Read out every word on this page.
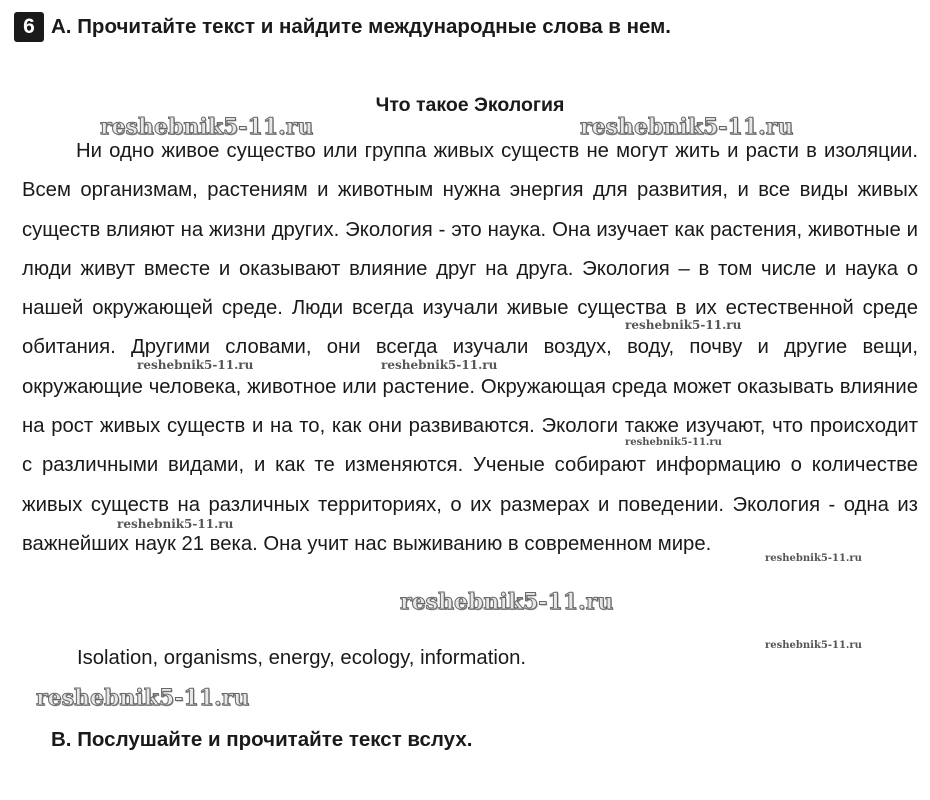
6 A. Прочитайте текст и найдите международные слова в нем.
Что такое Экология

Ни одно живое существо или группа живых существ не могут жить и расти в изоляции. Всем организмам, растениям и животным нужна энергия для развития, и все виды живых существ влияют на жизни других. Экология - это наука. Она изучает как растения, животные и люди живут вместе и оказывают влияние друг на друга. Экология – в том числе и наука о нашей окружающей среде. Люди всегда изучали живые существа в их естественной среде обитания. Другими словами, они всегда изучали воздух, воду, почву и другие вещи, окружающие человека, животное или растение. Окружающая среда может оказывать влияние на рост живых существ и на то, как они развиваются. Экологи также изучают, что происходит с различными видами, и как те изменяются. Ученые собирают информацию о количестве живых существ на различных территориях, о их размерах и поведении. Экология - одна из важнейших наук 21 века. Она учит нас выживанию в современном мире.

Isolation, organisms, energy, ecology, information.
B. Послушайте и прочитайте текст вслух.
reshebnik5-11.ru	reshebnik5-11.ru
reshebnik5-11.ru
reshebnik5-11.ru	reshebnik5-11.ru
reshebnik5-11.ru
reshebnik5-11.ru
reshebnik5-11.ru
reshebnik5-11.ru
reshebnik5-11.ru
reshebnik5-11.ru
